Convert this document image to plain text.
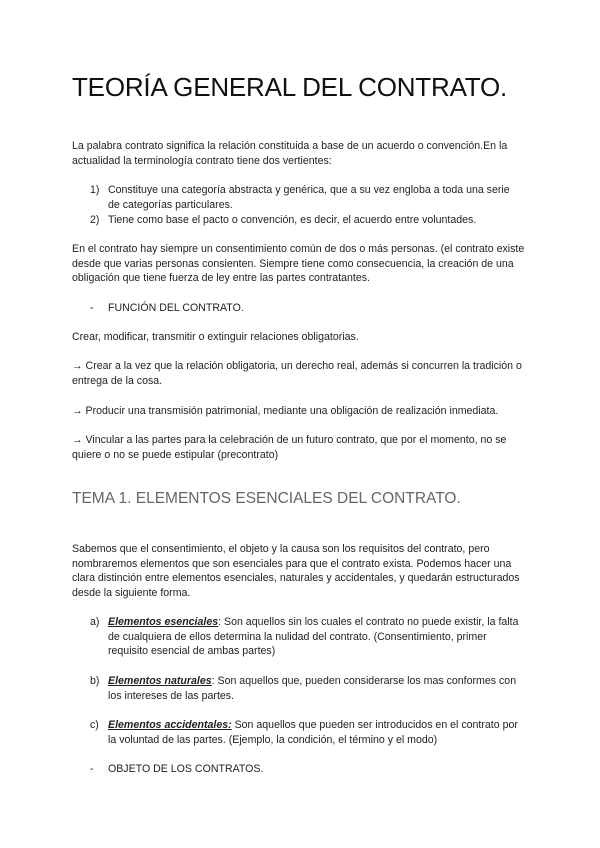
TEORÍA GENERAL DEL CONTRATO.

La palabra contrato significa la relación constituida a base de un acuerdo o convención.En la actualidad la terminología contrato tiene dos vertientes:

1) Constituye una categoría abstracta y genérica, que a su vez engloba a toda una serie de categorías particulares.
2) Tiene como base el pacto o convención, es decir, el acuerdo entre voluntades.

En el contrato hay siempre un consentimiento común de dos o más personas. (el contrato existe desde que varias personas consienten. Siempre tiene como consecuencia, la creación de una obligación que tiene fuerza de ley entre las partes contratantes.

- FUNCIÓN DEL CONTRATO.

Crear, modificar, transmitir o extinguir relaciones obligatorias.

→ Crear a la vez que la relación obligatoria, un derecho real, además si concurren la tradición o entrega de la cosa.

→ Producir una transmisión patrimonial, mediante una obligación de realización inmediata.

→ Vincular a las partes para la celebración de un futuro contrato, que por el momento, no se quiere o no se puede estipular (precontrato)

TEMA 1. ELEMENTOS ESENCIALES DEL CONTRATO.

Sabemos que el consentimiento, el objeto y la causa son los requisitos del contrato, pero nombraremos elementos que son esenciales para que el contrato exista. Podemos hacer una clara distinción entre elementos esenciales, naturales y accidentales, y quedarán estructurados desde la siguiente forma.

a) Elementos esenciales: Son aquellos sin los cuales el contrato no puede existir, la falta de cualquiera de ellos determina la nulidad del contrato. (Consentimiento, primer requisito esencial de ambas partes)
b) Elementos naturales: Son aquellos que, pueden considerarse los mas conformes con los intereses de las partes.
c) Elementos accidentales: Son aquellos que pueden ser introducidos en el contrato por la voluntad de las partes. (Ejemplo, la condición, el término y el modo)

- OBJETO DE LOS CONTRATOS.
